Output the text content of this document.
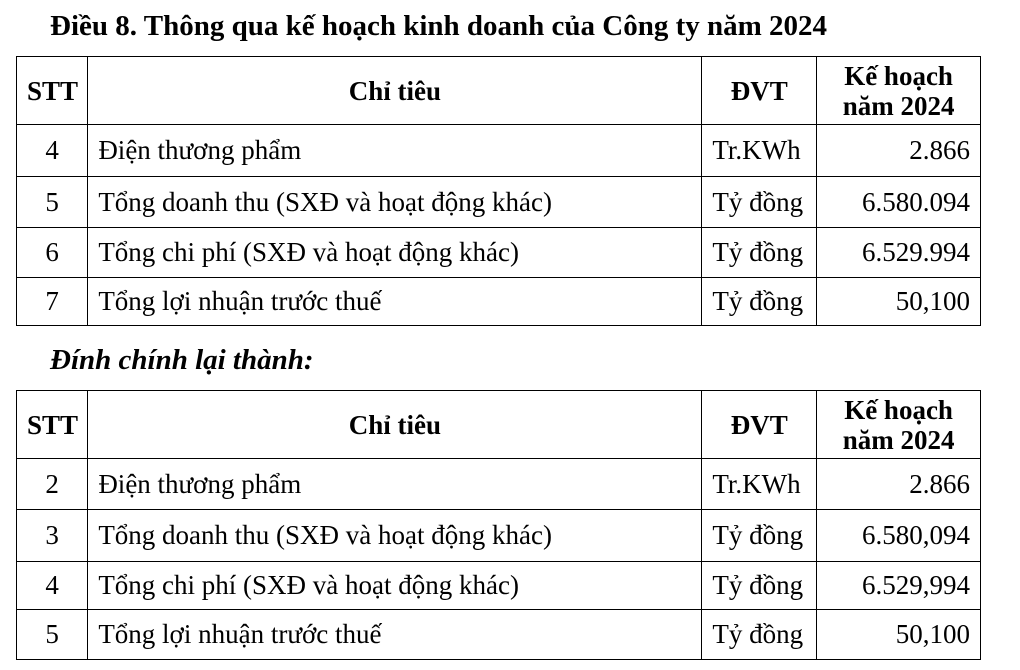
Điều 8. Thông qua kế hoạch kinh doanh của Công ty năm 2024
STT	Chỉ tiêu	ĐVT	Kế hoạch
năm 2024

4	Điện thương phẩm	Tr.KWh	2.866
5	Tổng doanh thu (SXĐ và hoạt động khác)	Tỷ đồng	6.580.094
6	Tổng chi phí (SXĐ và hoạt động khác)	Tỷ đồng	6.529.994
7	Tổng lợi nhuận trước thuế	Tỷ đồng	50,100
Đính chính lại thành:
STT	Chỉ tiêu	ĐVT	Kế hoạch
năm 2024

2	Điện thương phẩm	Tr.KWh	2.866
3	Tổng doanh thu (SXĐ và hoạt động khác)	Tỷ đồng	6.580,094
4	Tổng chi phí (SXĐ và hoạt động khác)	Tỷ đồng	6.529,994
5	Tổng lợi nhuận trước thuế	Tỷ đồng	50,100
